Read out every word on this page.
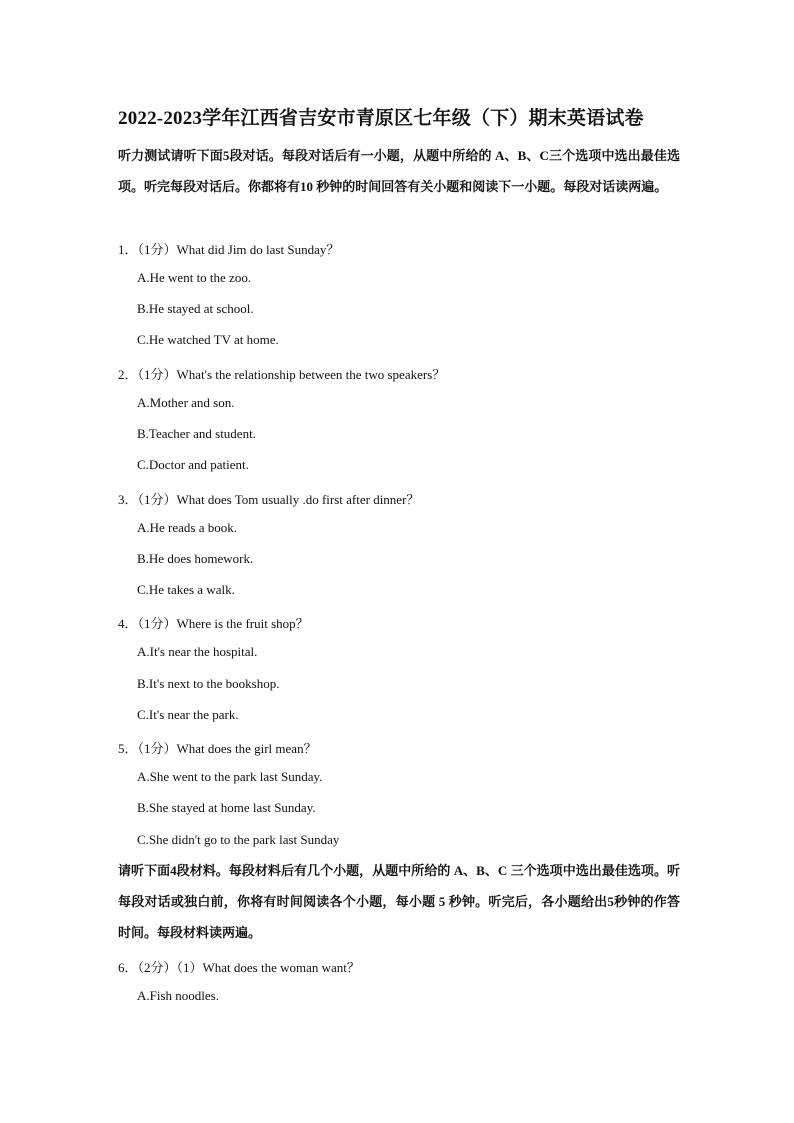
2022-2023学年江西省吉安市青原区七年级（下）期末英语试卷
听力测试请听下面5段对话。每段对话后有一小题，从题中所给的 A、B、C三个选项中选出最佳选项。听完每段对话后。你都将有10 秒钟的时间回答有关小题和阅读下一小题。每段对话读两遍。
1．（1分）What did Jim do last Sunday？
A.He went to the zoo.
B.He stayed at school.
C.He watched TV at home.
2．（1分）What's the relationship between the two speakers？
A.Mother and son.
B.Teacher and student.
C.Doctor and patient.
3．（1分）What does Tom usually .do first after dinner？
A.He reads a book.
B.He does homework.
C.He takes a walk.
4．（1分）Where is the fruit shop？
A.It's near the hospital.
B.It's next to the bookshop.
C.It's near the park.
5．（1分）What does the girl mean？
A.She went to the park last Sunday.
B.She stayed at home last Sunday.
C.She didn't go to the park last Sunday
请听下面4段材料。每段材料后有几个小题，从题中所给的 A、B、C 三个选项中选出最佳选项。听每段对话或独白前，你将有时间阅读各个小题，每小题 5 秒钟。听完后，各小题给出5秒钟的作答时间。每段材料读两遍。
6．（2分）（1）What does the woman want？
A.Fish noodles.
